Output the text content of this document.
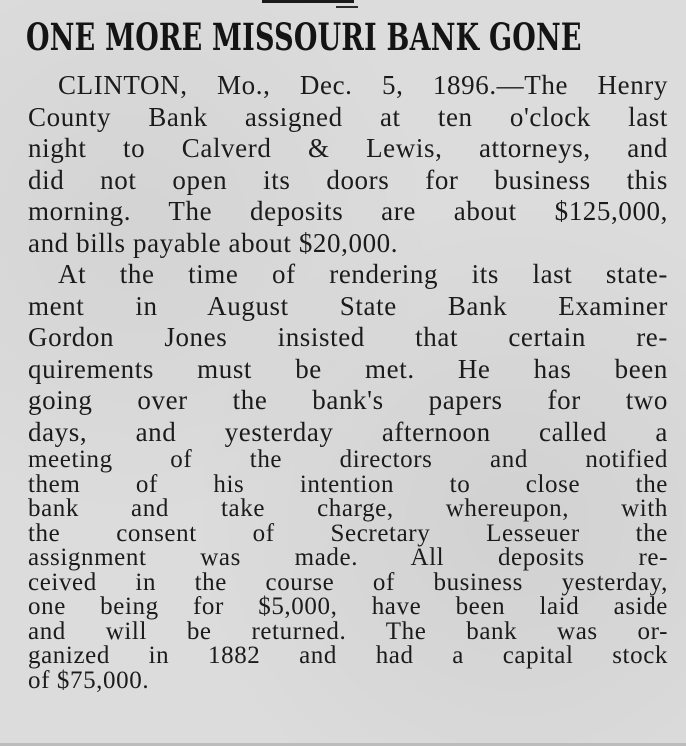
ONE MORE MISSOURI BANK GONE
CLINTON, Mo., Dec. 5, 1896.—The Henry
County Bank assigned at ten o'clock last
night to Calverd & Lewis, attorneys, and
did not open its doors for business this
morning. The deposits are about $125,000,
and bills payable about $20,000.
At the time of rendering its last state-
ment in August State Bank Examiner
Gordon Jones insisted that certain re-
quirements must be met. He has been
going over the bank's papers for two
days, and yesterday afternoon called a
meeting of the directors and notified
them of his intention to close the
bank and take charge, whereupon, with
the consent of Secretary Lesseuer the
assignment was made. All deposits re-
ceived in the course of business yesterday,
one being for $5,000, have been laid aside
and will be returned. The bank was or-
ganized in 1882 and had a capital stock
of $75,000.
